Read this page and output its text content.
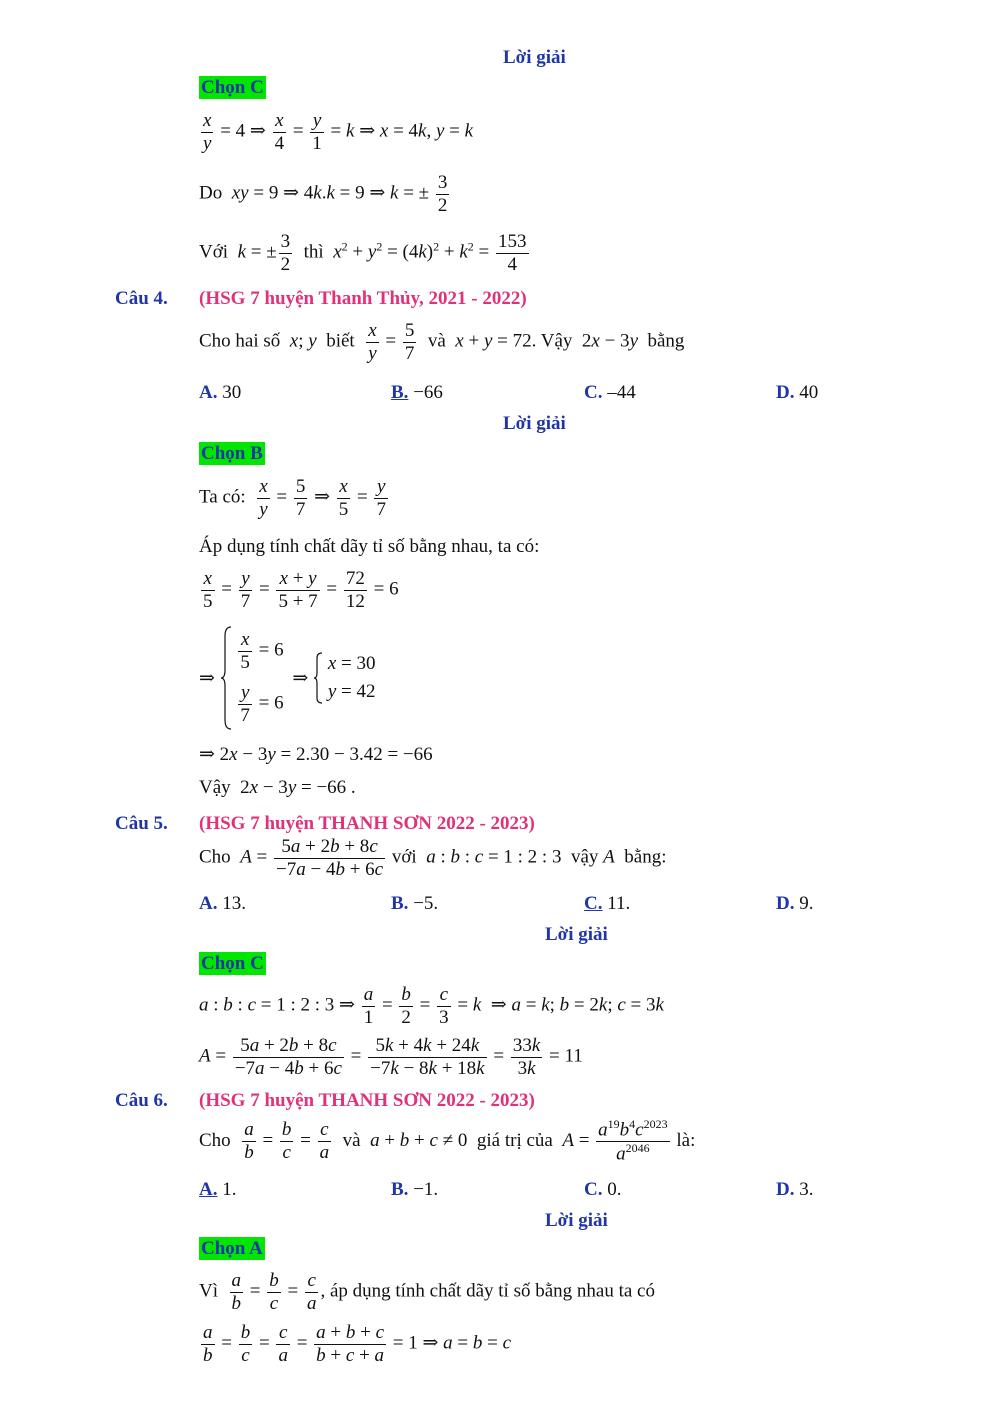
Lời giải
Chọn C
$\frac{x}{y} = 4$ ⇒ $\frac{x}{4} = \frac{y}{1} = k$ ⇒ x = 4k, y = k
Do xy = 9 ⇒ 4k.k = 9 ⇒ k = ± $\frac{3}{2}$
Với k = ± $\frac{3}{2}$ thì $x^2 + y^2 = (4k)^2 + k^2 = \frac{153}{4}$
Câu 4. (HSG 7 huyện Thanh Thủy, 2021 - 2022)
Cho hai số x; y biết $\frac{x}{y} = \frac{5}{7}$ và x + y = 72. Vậy  2x − 3y bằng
A. 30	B. −66	C. –44	D. 40
Lời giải
Chọn B
Ta có: $\frac{x}{y} = \frac{5}{7}$ ⇒ $\frac{x}{5} = \frac{y}{7}$
Áp dụng tính chất dãy tỉ số bằng nhau, ta có:
$\frac{x}{5} = \frac{y}{7} = \frac{x + y}{5 + 7} = \frac{72}{12} = 6$
⇒
$\frac{x}{5} = 6$
$\frac{y}{7} = 6$
⇒
x = 30
y = 42
⇒ 2x − 3y = 2.30 − 3.42 = −66
Vậy  2x − 3y = −66 .
Câu 5. (HSG 7 huyện THANH SƠN 2022 - 2023)
Cho $A = \frac{5a + 2b + 8c}{-7a - 4b + 6c}$ với a : b : c = 1 : 2 : 3  vậy A bằng:
A. 13.	B. −5.	C. 11.	D. 9.
Lời giải
Chọn C
a : b : c = 1 : 2 : 3 ⇒ $\frac{a}{1} = \frac{b}{2} = \frac{c}{3} = k$  ⇒ a = k; b = 2k; c = 3k
$A = \frac{5a + 2b + 8c}{-7a - 4b + 6c} = \frac{5k + 4k + 24k}{-7k - 8k + 18k} = \frac{33k}{3k} = 11$
Câu 6. (HSG 7 huyện THANH SƠN 2022 - 2023)
Cho $\frac{a}{b} = \frac{b}{c} = \frac{c}{a}$ và a + b + c ≠ 0  giá trị của $A = \frac{a^{19}b^4c^{2023}}{a^{2046}}$ là:
A. 1.	B. −1.	C. 0.	D. 3.
Lời giải
Chọn A
Vì $\frac{a}{b} = \frac{b}{c} = \frac{c}{a}$ , áp dụng tính chất dãy tỉ số bằng nhau ta có
$\frac{a}{b} = \frac{b}{c} = \frac{c}{a} = \frac{a + b + c}{b + c + a} = 1$ ⇒ a = b = c
